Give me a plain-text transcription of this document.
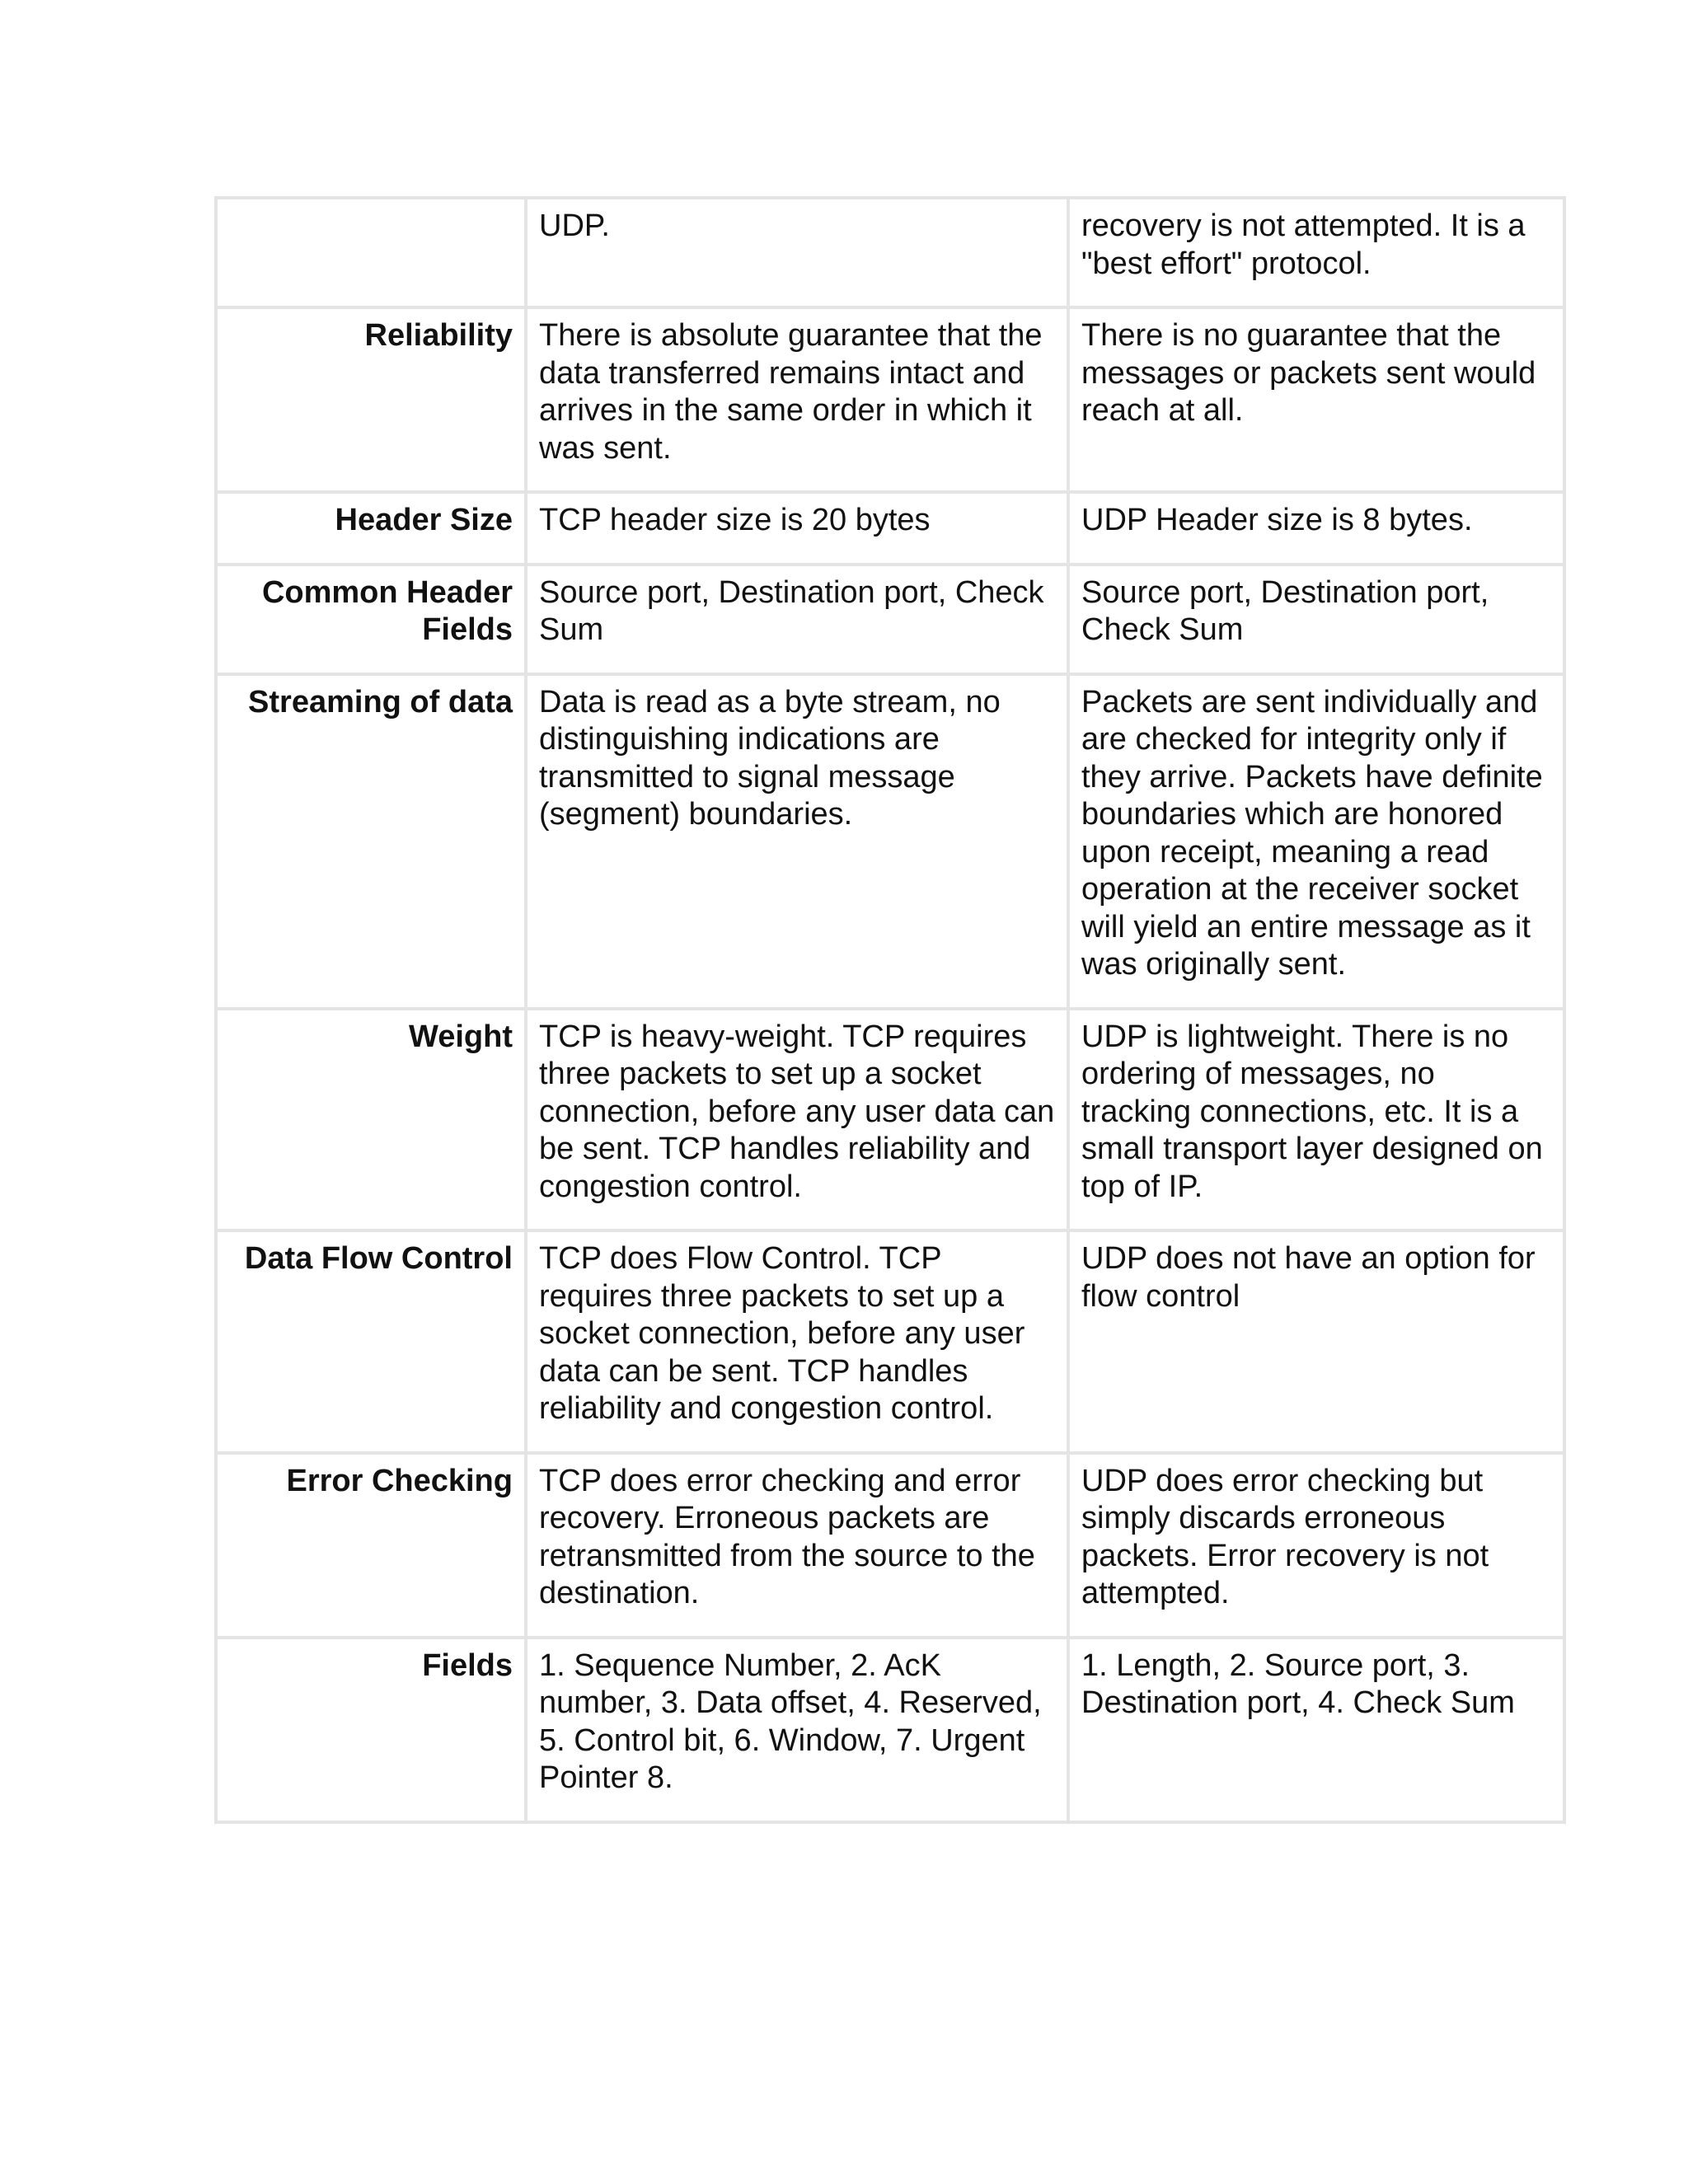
	UDP.	recovery is not attempted. It is a "best effort" protocol.
Reliability	There is absolute guarantee that the data transferred remains intact and arrives in the same order in which it was sent.	There is no guarantee that the messages or packets sent would reach at all.
Header Size	TCP header size is 20 bytes	UDP Header size is 8 bytes.
Common Header Fields	Source port, Destination port, Check Sum	Source port, Destination port, Check Sum
Streaming of data	Data is read as a byte stream, no distinguishing indications are transmitted to signal message (segment) boundaries.	Packets are sent individually and are checked for integrity only if they arrive. Packets have definite boundaries which are honored upon receipt, meaning a read operation at the receiver socket will yield an entire message as it was originally sent.
Weight	TCP is heavy-weight. TCP requires three packets to set up a socket connection, before any user data can be sent. TCP handles reliability and congestion control.	UDP is lightweight. There is no ordering of messages, no tracking connections, etc. It is a small transport layer designed on top of IP.
Data Flow Control	TCP does Flow Control. TCP requires three packets to set up a socket connection, before any user data can be sent. TCP handles reliability and congestion control.	UDP does not have an option for flow control
Error Checking	TCP does error checking and error recovery. Erroneous packets are retransmitted from the source to the destination.	UDP does error checking but simply discards erroneous packets. Error recovery is not attempted.
Fields	1. Sequence Number, 2. AcK number, 3. Data offset, 4. Reserved, 5. Control bit, 6. Window, 7. Urgent Pointer 8.	1. Length, 2. Source port, 3. Destination port, 4. Check Sum
